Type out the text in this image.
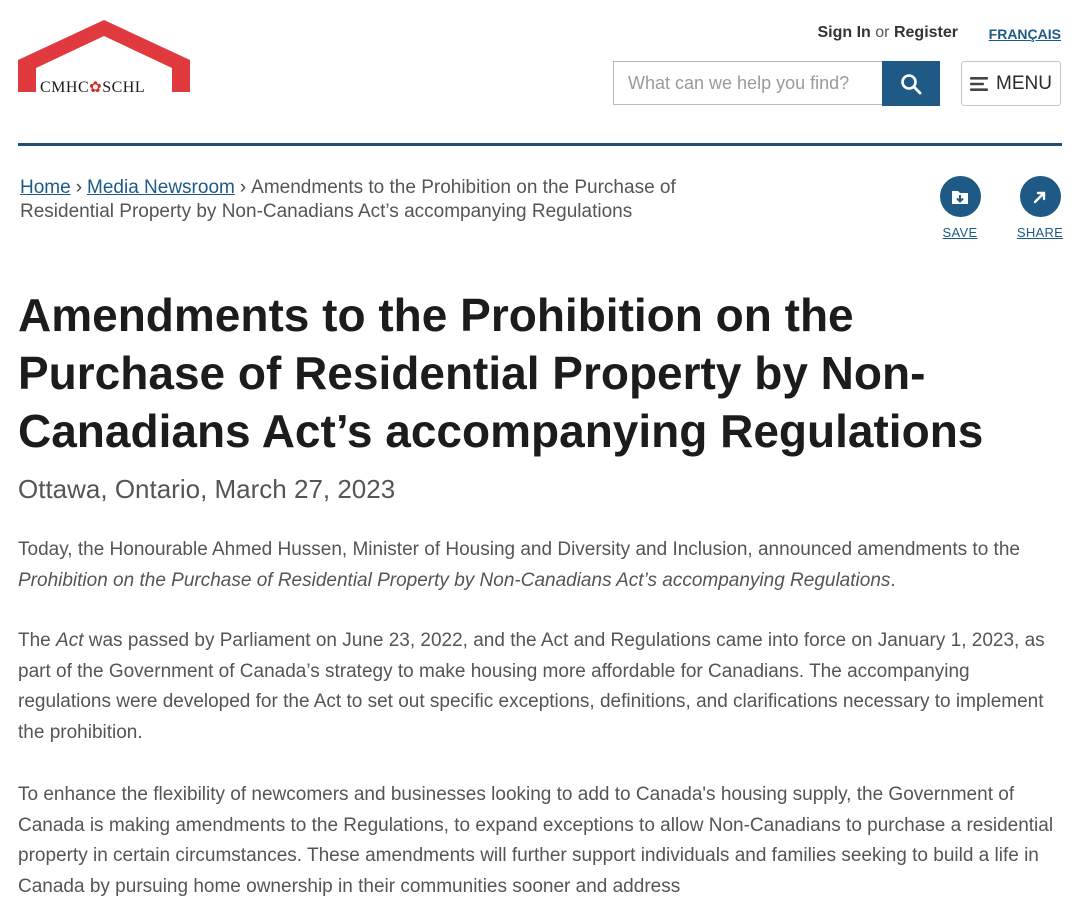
CMHC✿SCHL
Sign In or Register FRANÇAIS
What can we help you find?	MENU
Home › Media Newsroom › Amendments to the Prohibition on the Purchase of Residential Property by Non-Canadians Act’s accompanying Regulations
SAVE	SHARE
Amendments to the Prohibition on the Purchase of Residential Property by Non-Canadians Act’s accompanying Regulations
Ottawa, Ontario, March 27, 2023

Today, the Honourable Ahmed Hussen, Minister of Housing and Diversity and Inclusion, announced amendments to the Prohibition on the Purchase of Residential Property by Non-Canadians Act’s accompanying Regulations.

The Act was passed by Parliament on June 23, 2022, and the Act and Regulations came into force on January 1, 2023, as part of the Government of Canada’s strategy to make housing more affordable for Canadians. The accompanying regulations were developed for the Act to set out specific exceptions, definitions, and clarifications necessary to implement the prohibition.

To enhance the flexibility of newcomers and businesses looking to add to Canada's housing supply, the Government of Canada is making amendments to the Regulations, to expand exceptions to allow Non-Canadians to purchase a residential property in certain circumstances. These amendments will further support individuals and families seeking to build a life in Canada by pursuing home ownership in their communities sooner and address
